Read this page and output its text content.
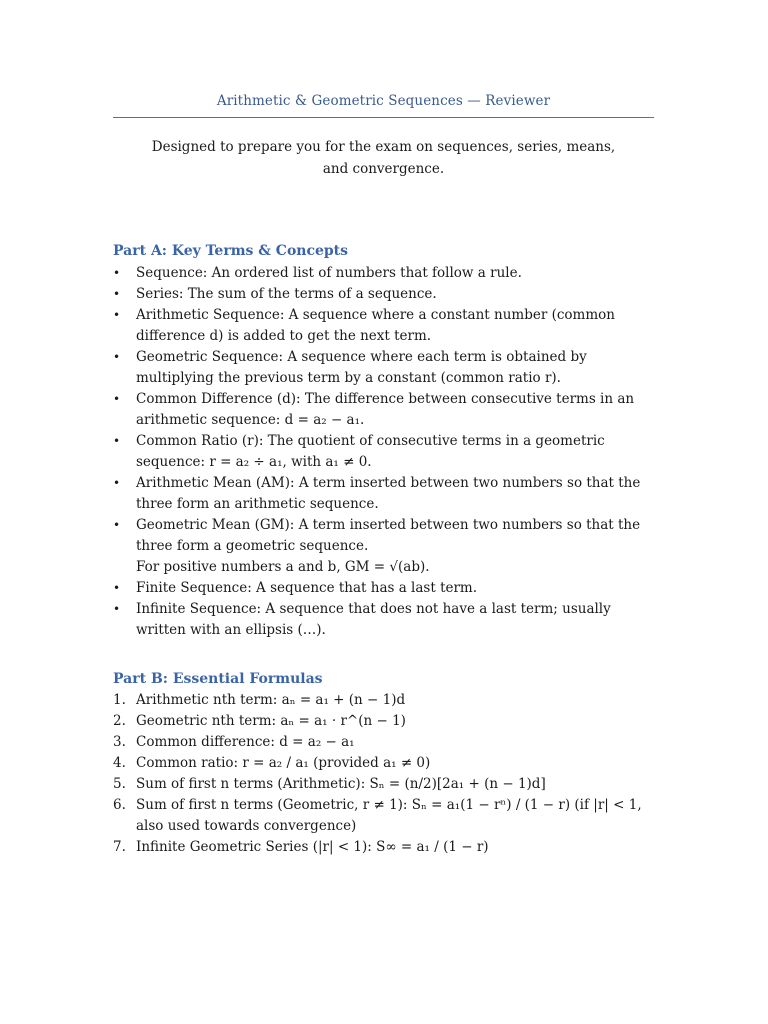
Arithmetic & Geometric Sequences — Reviewer
Designed to prepare you for the exam on sequences, series, means, and convergence.
Part A: Key Terms & Concepts
•	Sequence: An ordered list of numbers that follow a rule.
•	Series: The sum of the terms of a sequence.
•	Arithmetic Sequence: A sequence where a constant number (common difference d) is added to get the next term.
•	Geometric Sequence: A sequence where each term is obtained by multiplying the previous term by a constant (common ratio r).
•	Common Difference (d): The difference between consecutive terms in an arithmetic sequence: d = a₂ − a₁.
•	Common Ratio (r): The quotient of consecutive terms in a geometric sequence: r = a₂ ÷ a₁, with a₁ ≠ 0.
•	Arithmetic Mean (AM): A term inserted between two numbers so that the three form an arithmetic sequence.
•	Geometric Mean (GM): A term inserted between two numbers so that the three form a geometric sequence.
For positive numbers a and b, GM = √(ab).
•	Finite Sequence: A sequence that has a last term.
•	Infinite Sequence: A sequence that does not have a last term; usually written with an ellipsis (…).
Part B: Essential Formulas
1. Arithmetic nth term: aₙ = a₁ + (n − 1)d
2. Geometric nth term: aₙ = a₁ · r^(n − 1)
3. Common difference: d = a₂ − a₁
4. Common ratio: r = a₂ / a₁ (provided a₁ ≠ 0)
5. Sum of first n terms (Arithmetic): Sₙ = (n/2)[2a₁ + (n − 1)d]
6. Sum of first n terms (Geometric, r ≠ 1): Sₙ = a₁(1 − rⁿ) / (1 − r) (if |r| < 1, also used towards convergence)
7. Infinite Geometric Series (|r| < 1): S∞ = a₁ / (1 − r)
